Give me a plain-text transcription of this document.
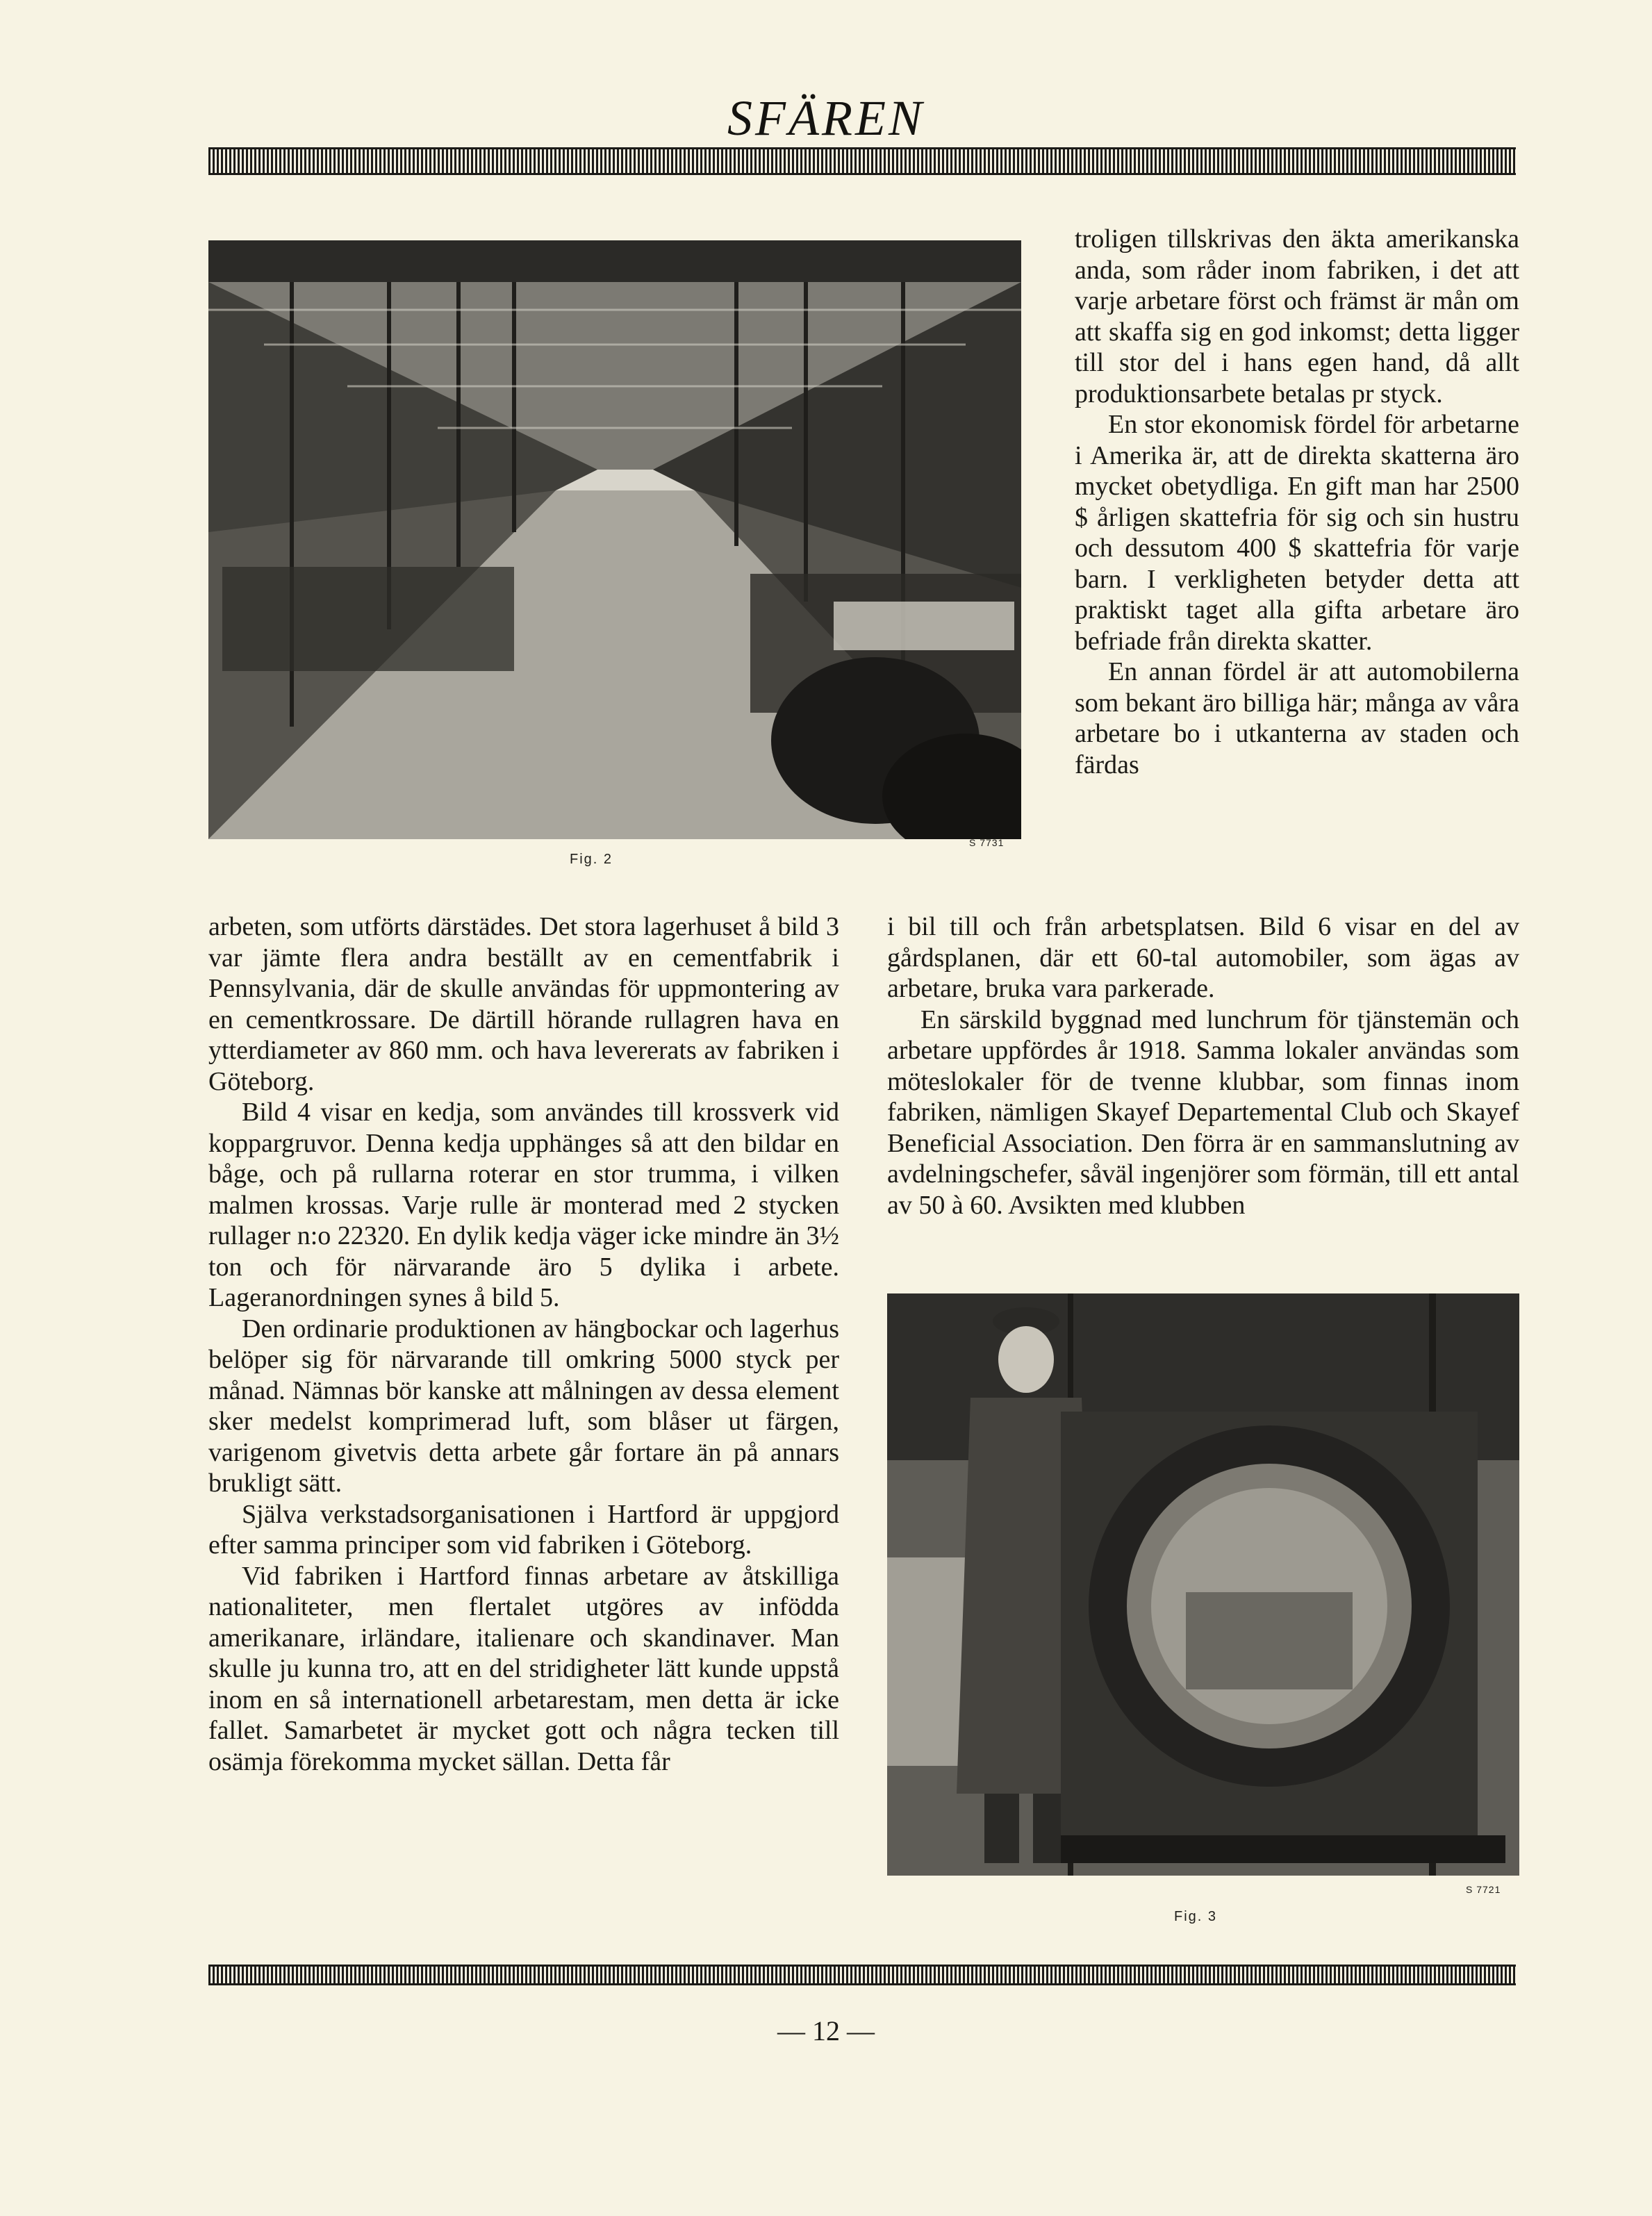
SFÄREN
S 7731
Fig. 2

troligen tillskrivas den äkta amerikanska anda, som råder inom fabriken, i det att varje arbetare först och främst är mån om att skaffa sig en god inkomst; detta ligger till stor del i hans egen hand, då allt produktionsarbete betalas pr styck.

En stor ekonomisk fördel för arbetarne i Amerika är, att de direkta skatterna äro mycket obetydliga. En gift man har 2500 $ årligen skattefria för sig och sin hustru och dessutom 400 $ skattefria för varje barn. I verkligheten betyder detta att praktiskt taget alla gifta arbetare äro befriade från direkta skatter.

En annan fördel är att automobilerna som bekant äro billiga här; många av våra arbetare bo i utkanterna av staden och färdas

arbeten, som utförts därstädes. Det stora lagerhuset å bild 3 var jämte flera andra beställt av en cementfabrik i Pennsylvania, där de skulle användas för uppmontering av en cementkrossare. De därtill hörande rullagren hava en ytterdiameter av 860 mm. och hava levererats av fabriken i Göteborg.

Bild 4 visar en kedja, som användes till krossverk vid koppargruvor. Denna kedja upphänges så att den bildar en båge, och på rullarna roterar en stor trumma, i vilken malmen krossas. Varje rulle är monterad med 2 stycken rullager n:o 22320. En dylik kedja väger icke mindre än 3½ ton och för närvarande äro 5 dylika i arbete. Lageranordningen synes å bild 5.

Den ordinarie produktionen av hängbockar och lagerhus belöper sig för närvarande till omkring 5000 styck per månad. Nämnas bör kanske att målningen av dessa element sker medelst komprimerad luft, som blåser ut färgen, varigenom givetvis detta arbete går fortare än på annars brukligt sätt.

Själva verkstadsorganisationen i Hartford är uppgjord efter samma principer som vid fabriken i Göteborg.

Vid fabriken i Hartford finnas arbetare av åtskilliga nationaliteter, men flertalet utgöres av infödda amerikanare, irländare, italienare och skandinaver. Man skulle ju kunna tro, att en del stridigheter lätt kunde uppstå inom en så internationell arbetarestam, men detta är icke fallet. Samarbetet är mycket gott och några tecken till osämja förekomma mycket sällan. Detta får

i bil till och från arbetsplatsen. Bild 6 visar en del av gårdsplanen, där ett 60-tal automobiler, som ägas av arbetare, bruka vara parkerade.

En särskild byggnad med lunchrum för tjänstemän och arbetare uppfördes år 1918. Samma lokaler användas som möteslokaler för de tvenne klubbar, som finnas inom fabriken, nämligen Skayef Departemental Club och Skayef Beneficial Association. Den förra är en sammanslutning av avdelningschefer, såväl ingenjörer som förmän, till ett antal av 50 à 60. Avsikten med klubben

S 7721
Fig. 3
— 12 —
